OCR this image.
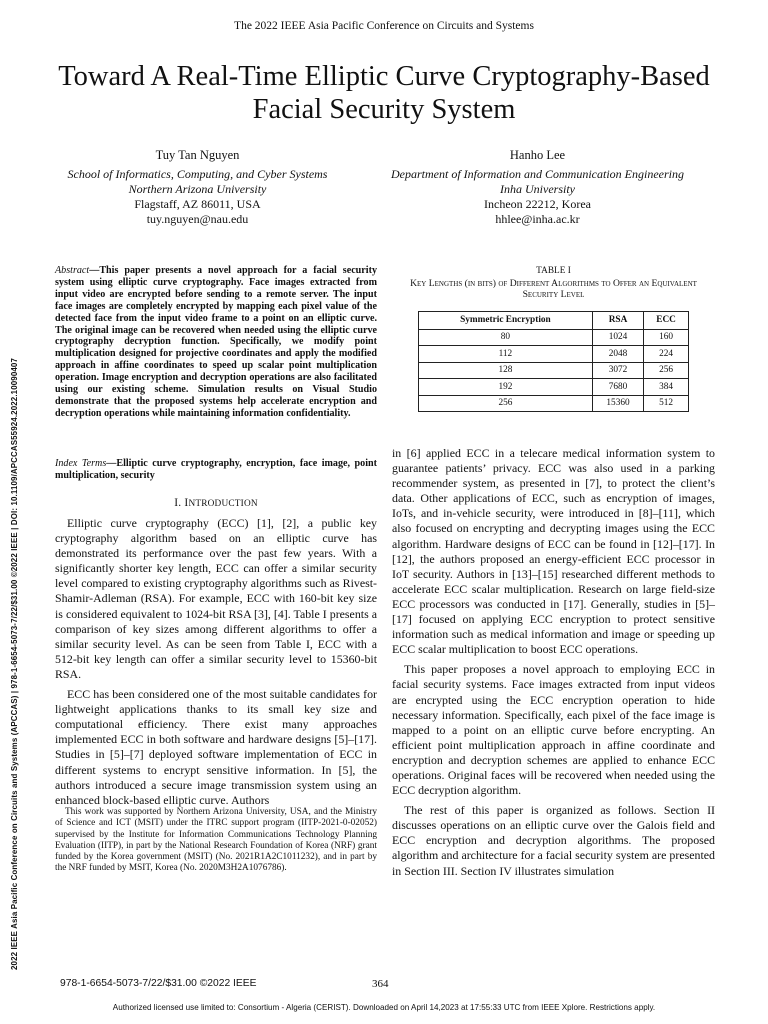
The 2022 IEEE Asia Pacific Conference on Circuits and Systems
Toward A Real-Time Elliptic Curve Cryptography-Based Facial Security System
Tuy Tan Nguyen
School of Informatics, Computing, and Cyber Systems
Northern Arizona University
Flagstaff, AZ 86011, USA
tuy.nguyen@nau.edu
Hanho Lee
Department of Information and Communication Engineering
Inha University
Incheon 22212, Korea
hhlee@inha.ac.kr
Abstract—This paper presents a novel approach for a facial security system using elliptic curve cryptography. Face images extracted from input video are encrypted before sending to a remote server. The input face images are completely encrypted by mapping each pixel value of the detected face from the input video frame to a point on an elliptic curve. The original image can be recovered when needed using the elliptic curve cryptography decryption function. Specifically, we modify point multiplication designed for projective coordinates and apply the modified approach in affine coordinates to speed up scalar point multiplication operation. Image encryption and decryption operations are also facilitated using our existing scheme. Simulation results on Visual Studio demonstrate that the proposed systems help accelerate encryption and decryption operations while maintaining information confidentiality.
Index Terms—Elliptic curve cryptography, encryption, face image, point multiplication, security
I. INTRODUCTION

Elliptic curve cryptography (ECC) [1], [2], a public key cryptography algorithm based on an elliptic curve has demonstrated its performance over the past few years. With a significantly shorter key length, ECC can offer a similar security level compared to existing cryptography algorithms such as Rivest-Shamir-Adleman (RSA). For example, ECC with 160-bit key size is considered equivalent to 1024-bit RSA [3], [4]. Table I presents a comparison of key sizes among different algorithms to offer a similar security level. As can be seen from Table I, ECC with a 512-bit key length can offer a similar security level to 15360-bit RSA.

ECC has been considered one of the most suitable candidates for lightweight applications thanks to its small key size and computational efficiency. There exist many approaches implemented ECC in both software and hardware designs [5]–[17]. Studies in [5]–[7] deployed software implementation of ECC in different systems to encrypt sensitive information. In [5], the authors introduced a secure image transmission system using an enhanced block-based elliptic curve. Authors

This work was supported by Northern Arizona University, USA, and the Ministry of Science and ICT (MSIT) under the ITRC support program (IITP-2021-0-02052) supervised by the Institute for Information Communications Technology Planning Evaluation (IITP), in part by the National Research Foundation of Korea (NRF) grant funded by the Korea government (MSIT) (No. 2021R1A2C1011232), and in part by the NRF funded by MSIT, Korea (No. 2020M3H2A1076786).
TABLE I
Key Lengths (in bits) of Different Algorithms to Offer an Equivalent Security Level
Symmetric Encryption	RSA	ECC
80	1024	160
112	2048	224
128	3072	256
192	7680	384
256	15360	512

in [6] applied ECC in a telecare medical information system to guarantee patients’ privacy. ECC was also used in a parking recommender system, as presented in [7], to protect the client’s data. Other applications of ECC, such as encryption of images, IoTs, and in-vehicle security, were introduced in [8]–[11], which also focused on encrypting and decrypting images using the ECC algorithm. Hardware designs of ECC can be found in [12]–[17]. In [12], the authors proposed an energy-efficient ECC processor in IoT security. Authors in [13]–[15] researched different methods to accelerate ECC scalar multiplication. Research on large field-size ECC processors was conducted in [17]. Generally, studies in [5]–[17] focused on applying ECC encryption to protect sensitive information such as medical information and image or speeding up ECC scalar multiplication to boost ECC operations.

This paper proposes a novel approach to employing ECC in facial security systems. Face images extracted from input videos are encrypted using the ECC encryption operation to hide necessary information. Specifically, each pixel of the face image is mapped to a point on an elliptic curve before encrypting. An efficient point multiplication approach in affine coordinate and encryption and decryption schemes are applied to enhance ECC operations. Original faces will be recovered when needed using the ECC decryption algorithm.

The rest of this paper is organized as follows. Section II discusses operations on an elliptic curve over the Galois field and ECC encryption and decryption algorithms. The proposed algorithm and architecture for a facial security system are presented in Section III. Section IV illustrates simulation

2022 IEEE Asia Pacific Conference on Circuits and Systems (APCCAS) | 978-1-6654-5073-7/22/$31.00 ©2022 IEEE | DOI: 10.1109/APCCAS55924.2022.10090407
978-1-6654-5073-7/22/$31.00 ©2022 IEEE	364
Authorized licensed use limited to: Consortium - Algeria (CERIST). Downloaded on April 14,2023 at 17:55:33 UTC from IEEE Xplore. Restrictions apply.
